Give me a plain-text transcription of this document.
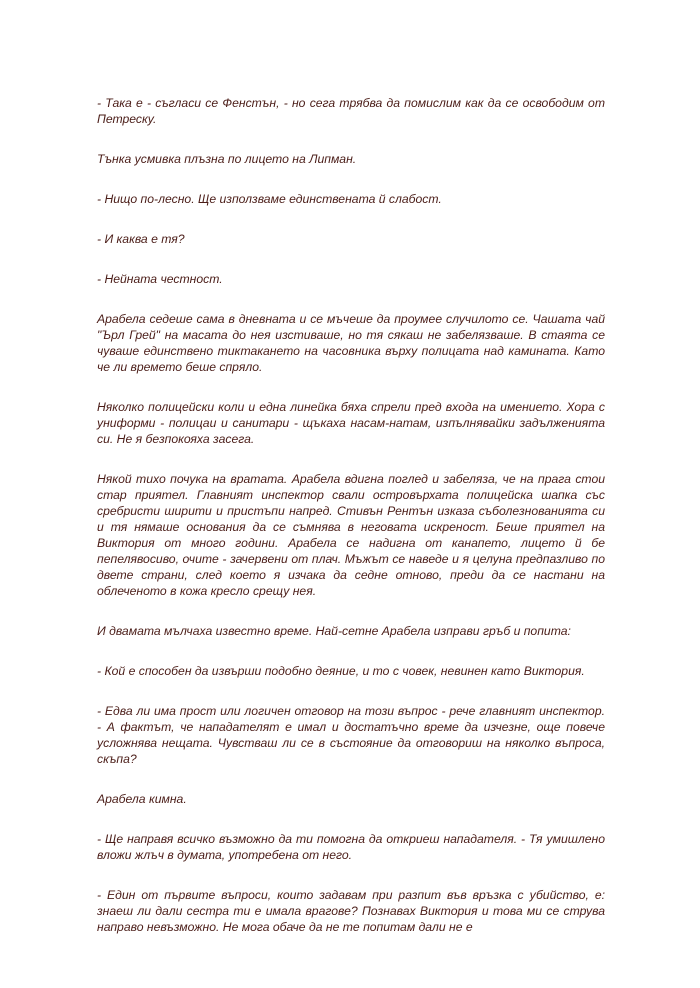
- Така е - съгласи се Фенстън, - но сега трябва да помислим как да се освободим от Петреску.

Тънка усмивка плъзна по лицето на Липман.

- Нищо по-лесно. Ще използваме единствената й слабост.

- И каква е тя?

- Нейната честност.

Арабела седеше сама в дневната и се мъчеше да проумее случилото се. Чашата чай "Ърл Грей" на масата до нея изстиваше, но тя сякаш не забелязваше. В стаята се чуваше единствено тиктакането на часовника върху полицата над камината. Като че ли времето беше спряло.

Няколко полицейски коли и една линейка бяха спрели пред входа на имението. Хора с униформи - полицаи и санитари - щъкаха насам-натам, изпълнявайки задълженията си. Не я безпокояха засега.

Някой тихо почука на вратата. Арабела вдигна поглед и забеляза, че на прага стои стар приятел. Главният инспектор свали островърхата полицейска шапка със сребристи ширити и пристъпи напред. Стивън Рентън изказа съболезнованията си и тя нямаше основания да се съмнява в неговата искреност. Беше приятел на Виктория от много години. Арабела се надигна от канапето, лицето й бе пепелявосиво, очите - зачервени от плач. Мъжът се наведе и я целуна предпазливо по двете страни, след което я изчака да седне отново, преди да се настани на облеченото в кожа кресло срещу нея.

И двамата мълчаха известно време. Най-сетне Арабела изправи гръб и попита:

- Кой е способен да извърши подобно деяние, и то с човек, невинен като Виктория.

- Едва ли има прост или логичен отговор на този въпрос - рече главният инспектор. - А фактът, че нападателят е имал и достатъчно време да изчезне, още повече усложнява нещата. Чувстваш ли се в състояние да отговориш на няколко въпроса, скъпа?

Арабела кимна.

- Ще направя всичко възможно да ти помогна да откриеш нападателя. - Тя умишлено вложи жлъч в думата, употребена от него.

- Един от първите въпроси, които задавам при разпит във връзка с убийство, е: знаеш ли дали сестра ти е имала врагове? Познавах Виктория и това ми се струва направо невъзможно. Не мога обаче да не те попитам дали не е
